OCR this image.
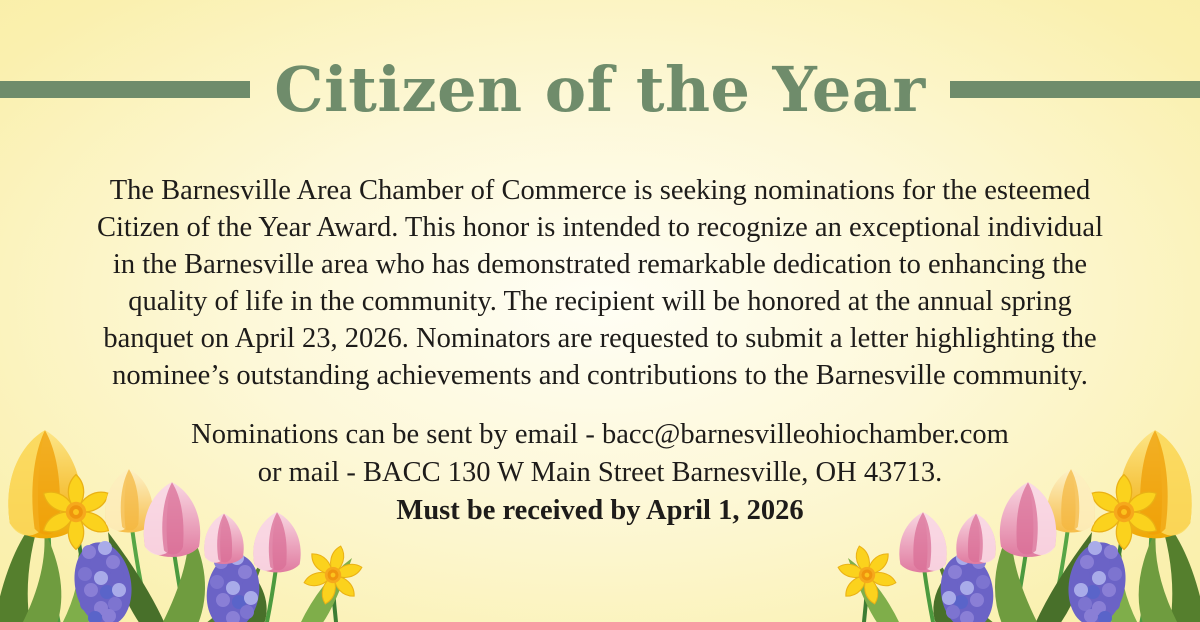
Citizen of the Year

The Barnesville Area Chamber of Commerce is seeking nominations for the esteemed

Citizen of the Year Award. This honor is intended to recognize an exceptional individual

in the Barnesville area who has demonstrated remarkable dedication to enhancing the

quality of life in the community. The recipient will be honored at the annual spring

banquet on April 23, 2026. Nominators are requested to submit a letter highlighting the

nominee’s outstanding achievements and contributions to the Barnesville community.

Nominations can be sent by email - bacc@barnesvilleohiochamber.com

or mail - BACC 130 W Main Street Barnesville, OH 43713.

Must be received by April 1, 2026
